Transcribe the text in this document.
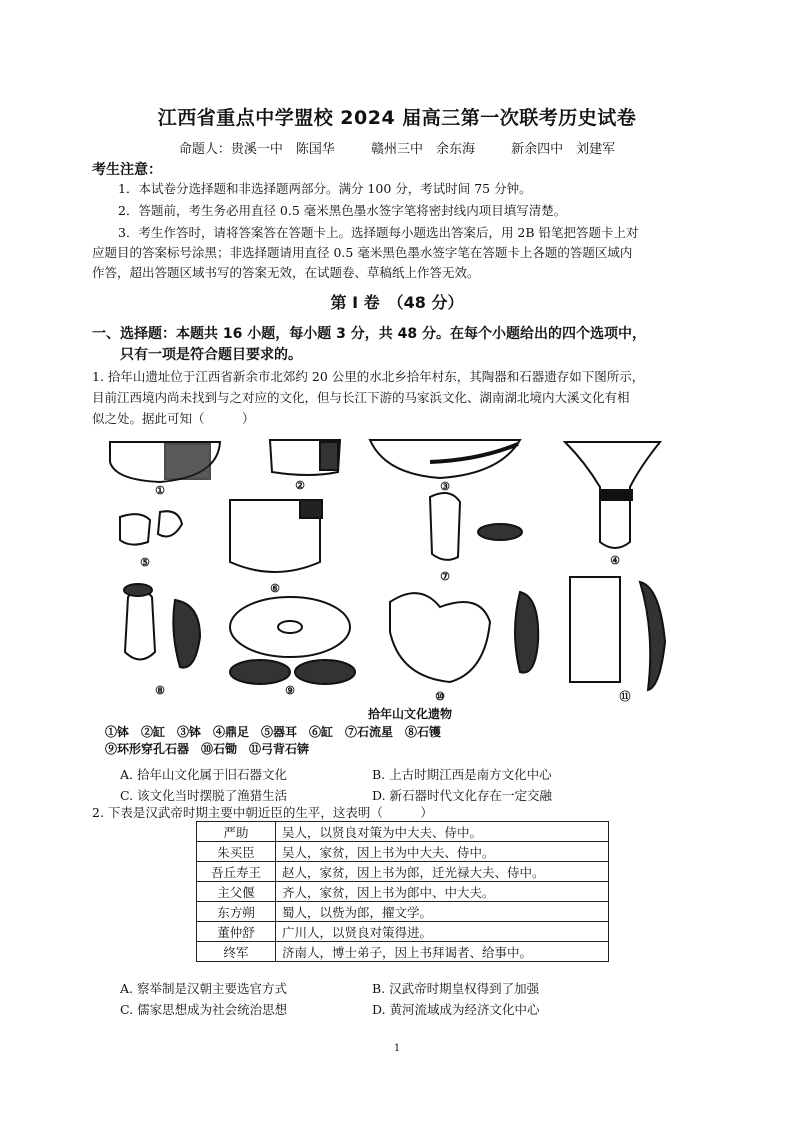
江西省重点中学盟校 2024 届高三第一次联考历史试卷
命题人：贵溪一中　陈国华	赣州三中　余东海	新余四中　刘建军
考生注意：
1．本试卷分选择题和非选择题两部分。满分 100 分，考试时间 75 分钟。
2．答题前，考生务必用直径 0.5 毫米黑色墨水签字笔将密封线内项目填写清楚。
3．考生作答时，请将答案答在答题卡上。选择题每小题选出答案后，用 2B 铅笔把答题卡上对
应题目的答案标号涂黑；非选择题请用直径 0.5 毫米黑色墨水签字笔在答题卡上各题的答题区域内
作答，超出答题区域书写的答案无效，在试题卷、草稿纸上作答无效。
第 Ⅰ 卷　（48 分）
一、选择题：本题共 16 小题，每小题 3 分，共 48 分。在每个小题给出的四个选项中，
只有一项是符合题目要求的。
1. 拾年山遗址位于江西省新余市北郊约 20 公里的水北乡拾年村东，其陶器和石器遗存如下图所示，
目前江西境内尚未找到与之对应的文化，但与长江下游的马家浜文化、湖南湖北境内大溪文化有相
似之处。据此可知（　　　）
①	②	③
④
⑤
⑥
⑦
⑧	⑨	⑩	⑪
拾年山文化遗物
①钵　②缸　③钵　④鼎足　⑤器耳　⑥缸　⑦石流星　⑧石镬
⑨环形穿孔石器　⑩石锄　⑪弓背石锛
A. 拾年山文化属于旧石器文化	B. 上古时期江西是南方文化中心
C. 该文化当时摆脱了渔猎生活	D. 新石器时代文化存在一定交融
2. 下表是汉武帝时期主要中朝近臣的生平，这表明（　　　）
严助	吴人，以贤良对策为中大夫、侍中。
朱买臣	吴人，家贫，因上书为中大夫、侍中。
吾丘寿王	赵人，家贫，因上书为郎，迁光禄大夫、侍中。
主父偃	齐人，家贫，因上书为郎中、中大夫。
东方朔	蜀人，以赀为郎，擢文学。
董仲舒	广川人，以贤良对策得进。
终军	济南人，博士弟子，因上书拜谒者、给事中。
A. 察举制是汉朝主要选官方式	B. 汉武帝时期皇权得到了加强
C. 儒家思想成为社会统治思想	D. 黄河流域成为经济文化中心
1
